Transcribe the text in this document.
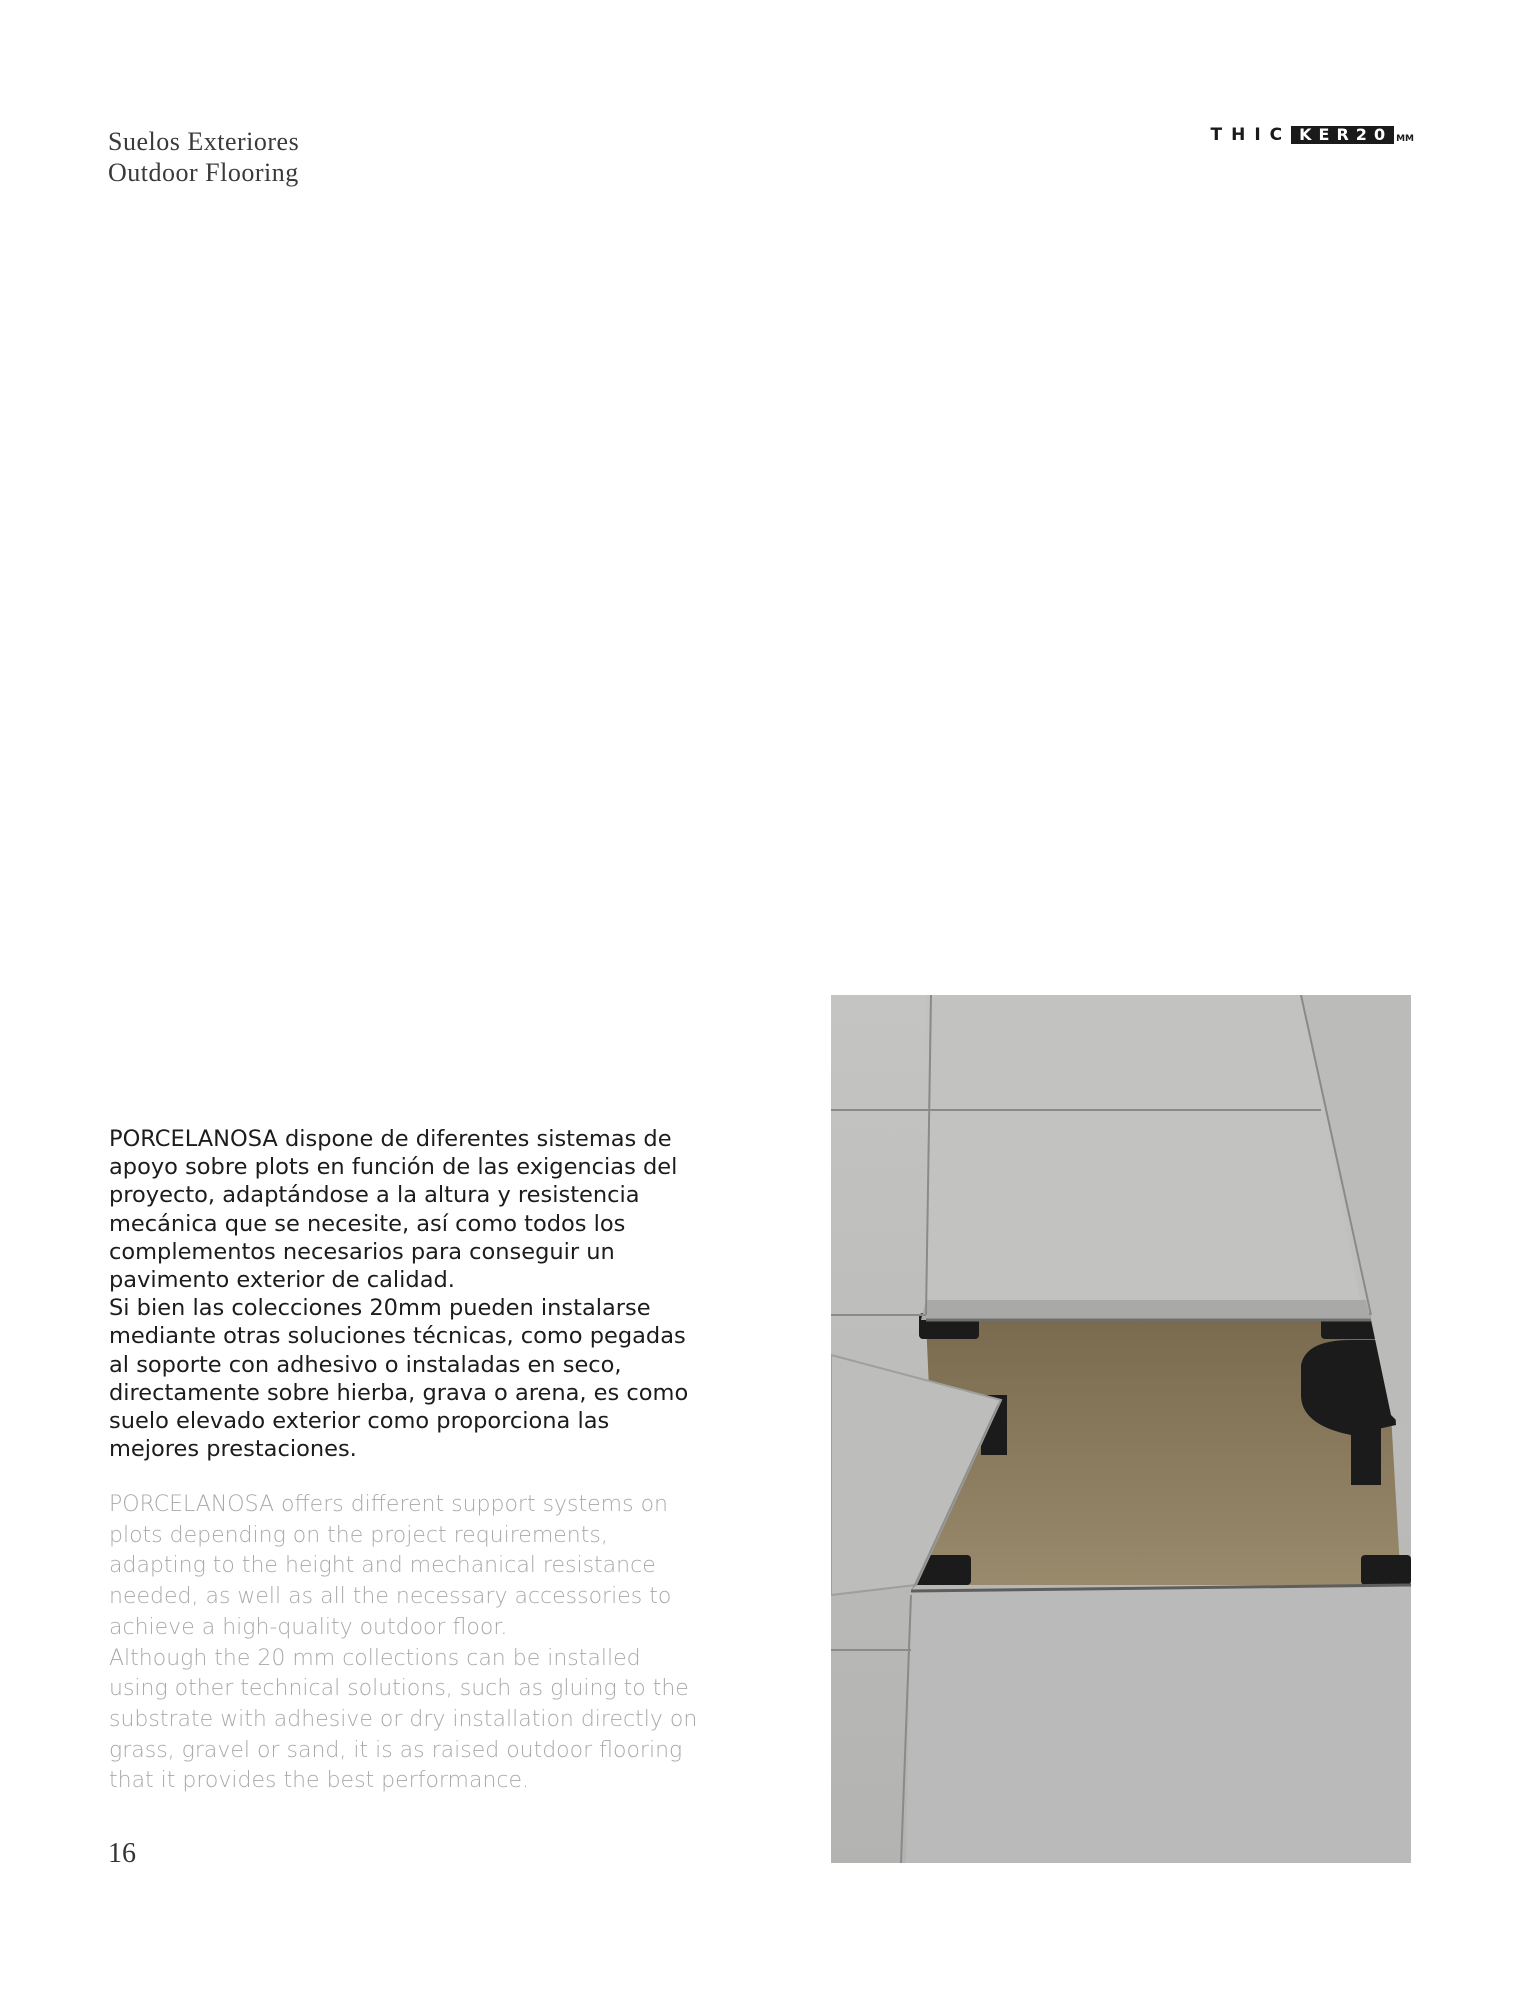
Suelos Exteriores
Outdoor Flooring
THIC KER20 MM

PORCELANOSA dispone de diferentes sistemas de apoyo sobre plots en función de las exigencias del proyecto, adaptándose a la altura y resistencia mecánica que se necesite, así como todos los complementos necesarios para conseguir un pavimento exterior de calidad.

Si bien las colecciones 20mm pueden instalarse mediante otras soluciones técnicas, como pegadas al soporte con adhesivo o instaladas en seco, directamente sobre hierba, grava o arena, es como suelo elevado exterior como proporciona las mejores prestaciones.

PORCELANOSA offers different support systems on plots depending on the project requirements, adapting to the height and mechanical resistance needed, as well as all the necessary accessories to achieve a high-quality outdoor floor.

Although the 20 mm collections can be installed using other technical solutions, such as gluing to the substrate with adhesive or dry installation directly on grass, gravel or sand, it is as raised outdoor flooring that it provides the best performance.

16
